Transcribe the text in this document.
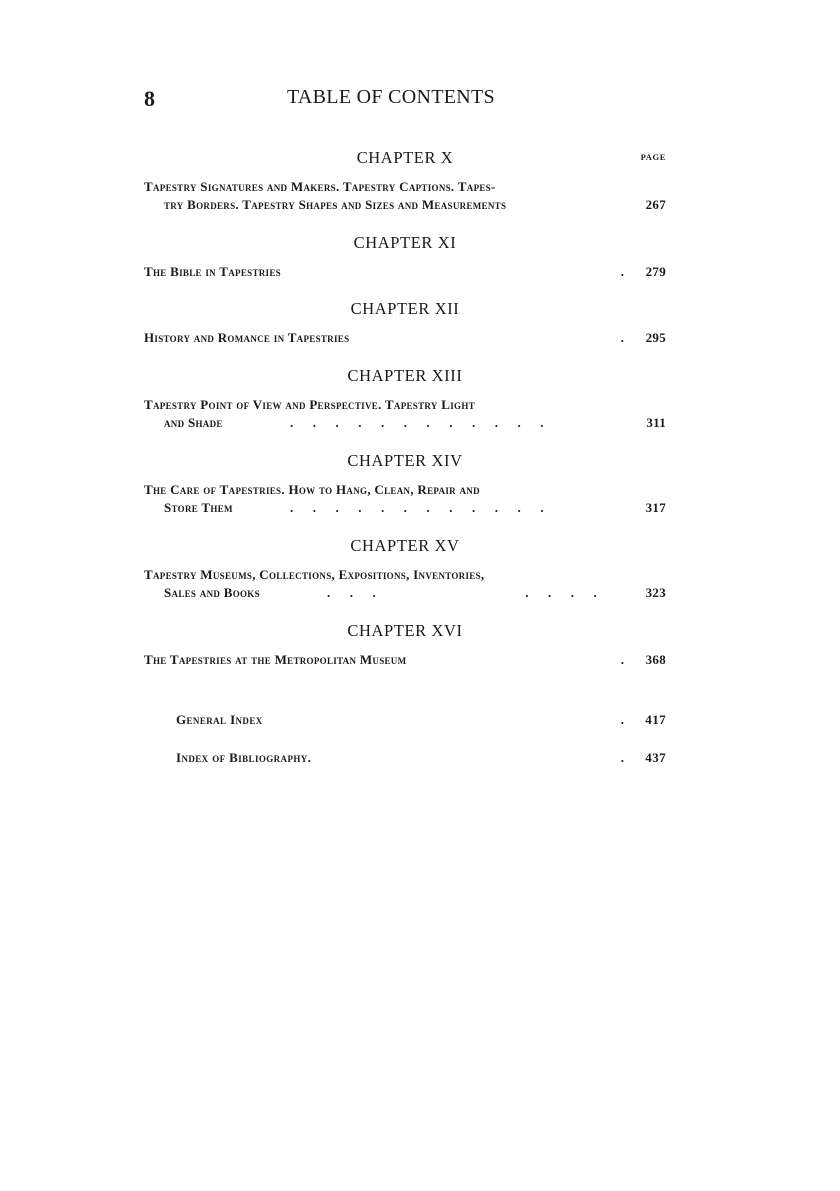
8	TABLE OF CONTENTS
PAGE
CHAPTER X
Tapestry Signatures and Makers. Tapestry Captions. Tapes-
try Borders. Tapestry Shapes and Sizes and Measurements	267
CHAPTER XI
The Bible in Tapestries	. 279
CHAPTER XII
History and Romance in Tapestries	. 295
CHAPTER XIII
Tapestry Point of View and Perspective. Tapestry Light
and Shade	.      .      .      .      .      .      .      .      .      .      .      .	311
CHAPTER XIV
The Care of Tapestries. How to Hang, Clean, Repair and
Store Them	.      .      .      .      .      .      .      .      .      .      .      .	317
CHAPTER XV
Tapestry Museums, Collections, Expositions, Inventories,
Sales and Books	.      .      .                                              .      .      .      .	323
CHAPTER XVI
The Tapestries at the Metropolitan Museum	. 368
General Index	. 417
Index of Bibliography.	. 437
